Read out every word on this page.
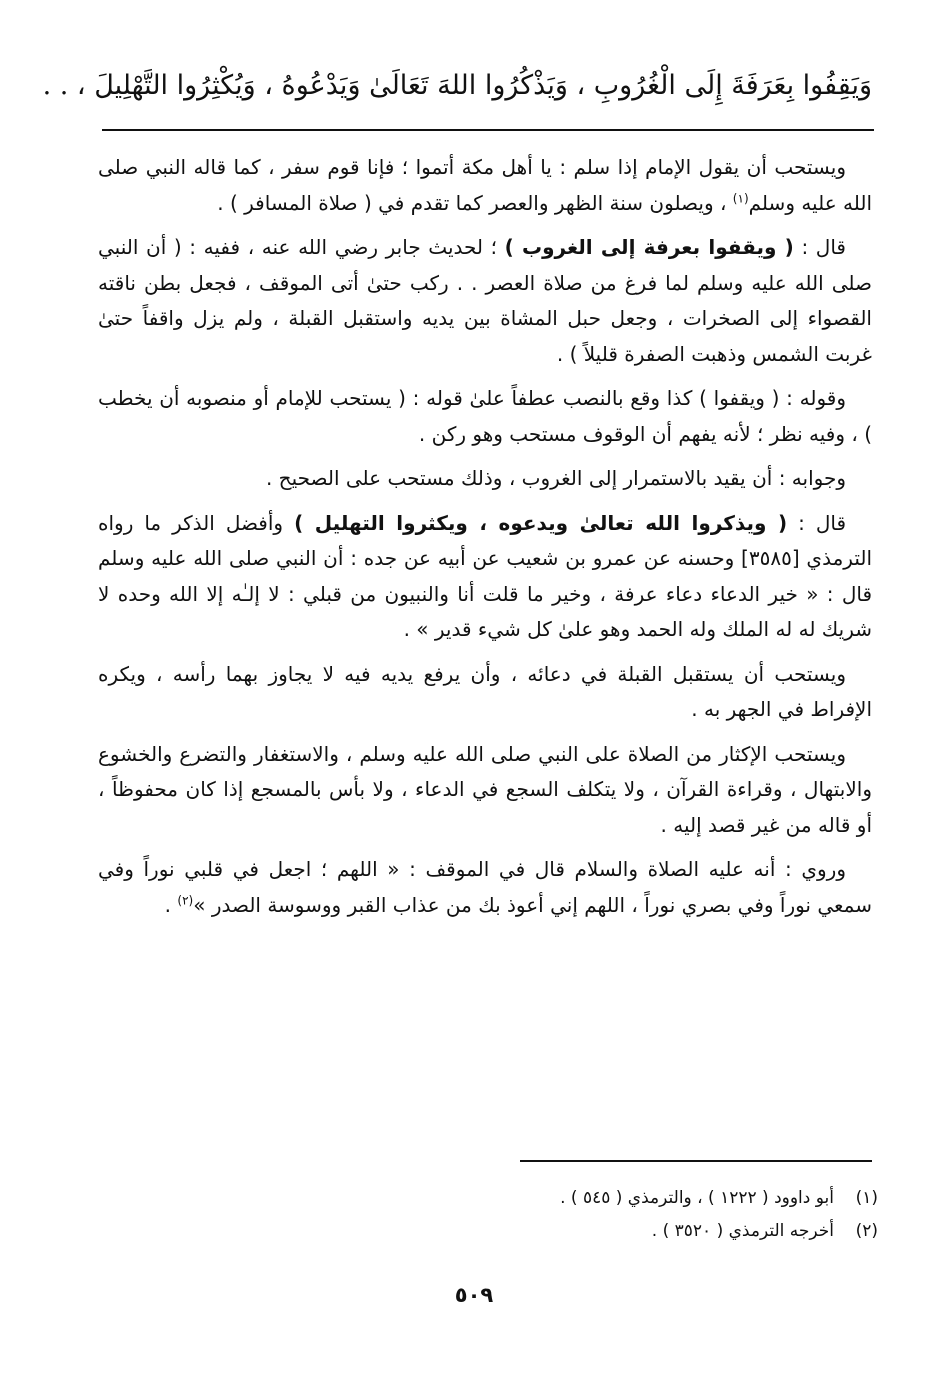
وَيَقِفُوا بِعَرَفَةَ إِلَى الْغُرُوبِ ، وَيَذْكُرُوا اللهَ تَعَالَىٰ وَيَدْعُوهُ ، وَيُكْثِرُوا التَّهْلِيلَ ، . .

ويستحب أن يقول الإمام إذا سلم : يا أهل مكة أتموا ؛ فإنا قوم سفر ، كما قاله النبي صلى الله عليه وسلم$^{(١)}$ ، ويصلون سنة الظهر والعصر كما تقدم في ( صلاة المسافر ) .

قال : ( ويقفوا بعرفة إلى الغروب ) ؛ لحديث جابر رضي الله عنه ، ففيه : ( أن النبي صلى الله عليه وسلم لما فرغ من صلاة العصر . . ركب حتىٰ أتى الموقف ، فجعل بطن ناقته القصواء إلى الصخرات ، وجعل حبل المشاة بين يديه واستقبل القبلة ، ولم يزل واقفاً حتىٰ غربت الشمس وذهبت الصفرة قليلاً ) .

وقوله : ( ويقفوا ) كذا وقع بالنصب عطفاً علىٰ قوله : ( يستحب للإمام أو منصوبه أن يخطب ) ، وفيه نظر ؛ لأنه يفهم أن الوقوف مستحب وهو ركن .

وجوابه : أن يقيد بالاستمرار إلى الغروب ، وذلك مستحب على الصحيح .

قال : ( ويذكروا الله تعالىٰ ويدعوه ، ويكثروا التهليل ) وأفضل الذكر ما رواه الترمذي [٣٥٨٥] وحسنه عن عمرو بن شعيب عن أبيه عن جده : أن النبي صلى الله عليه وسلم قال : « خير الدعاء دعاء عرفة ، وخير ما قلت أنا والنبيون من قبلي : لا إلـٰه إلا الله وحده لا شريك له له الملك وله الحمد وهو علىٰ كل شيء قدير » .

ويستحب أن يستقبل القبلة في دعائه ، وأن يرفع يديه فيه لا يجاوز بهما رأسه ، ويكره الإفراط في الجهر به .

ويستحب الإكثار من الصلاة على النبي صلى الله عليه وسلم ، والاستغفار والتضرع والخشوع والابتهال ، وقراءة القرآن ، ولا يتكلف السجع في الدعاء ، ولا بأس بالمسجع إذا كان محفوظاً ، أو قاله من غير قصد إليه .

وروي : أنه عليه الصلاة والسلام قال في الموقف : « اللهم ؛ اجعل في قلبي نوراً وفي سمعي نوراً وفي بصري نوراً ، اللهم إني أعوذ بك من عذاب القبر ووسوسة الصدر »$^{(٢)}$ .

(١)
أبو داوود ( ١٢٢٢ ) ، والترمذي ( ٥٤٥ ) .
(٢)
أخرجه الترمذي ( ٣٥٢٠ ) .
٥٠٩
